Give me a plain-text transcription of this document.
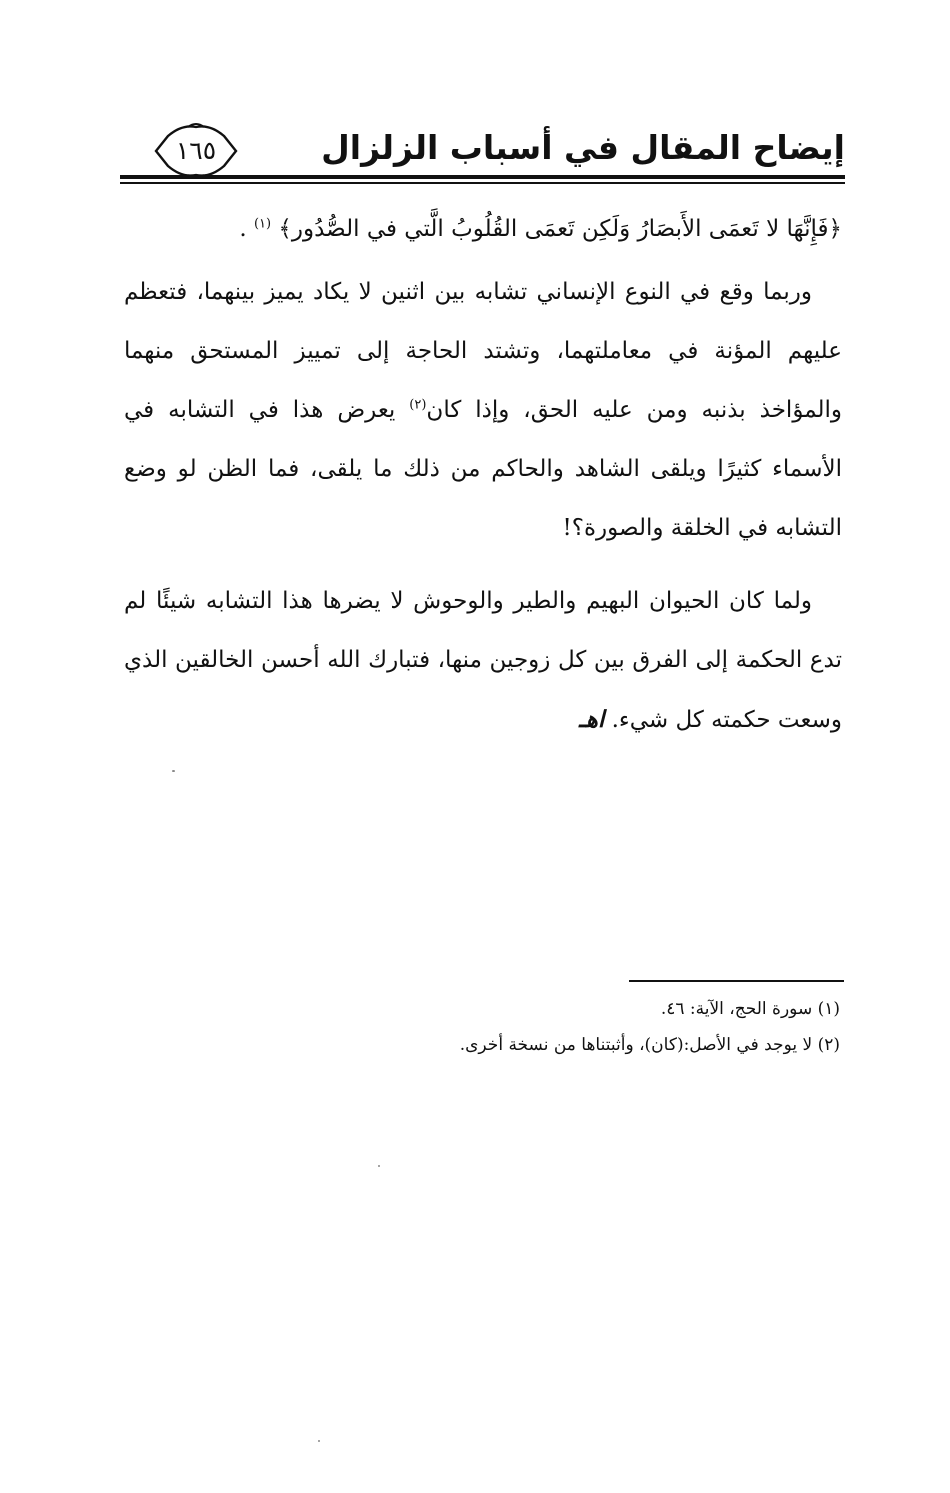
إيضاح المقال في أسباب الزلزال
١٦٥

﴿فَإِنَّهَا لا تَعمَى الأَبصَارُ وَلَكِن تَعمَى القُلُوبُ الَّتي في الصُّدُور﴾ $^{(١)}$ .

وربما وقع في النوع الإنساني تشابه بين اثنين لا يكاد يميز بينهما، فتعظم عليهم المؤنة في معاملتهما، وتشتد الحاجة إلى تمييز المستحق منهما والمؤاخذ بذنبه ومن عليه الحق، وإذا كان$^{(٢)}$ يعرض هذا في التشابه في الأسماء كثيرًا ويلقى الشاهد والحاكم من ذلك ما يلقى، فما الظن لو وضع التشابه في الخلقة والصورة؟!

ولما كان الحيوان البهيم والطير والوحوش لا يضرها هذا التشابه شيئًا لم تدع الحكمة إلى الفرق بين كل زوجين منها، فتبارك الله أحسن الخالقين الذي وسعت حكمته كل شيء. اهـ

(١) سورة الحج، الآية: ٤٦.

(٢) لا يوجد في الأصل:(كان)، وأثبتناها من نسخة أخرى.
